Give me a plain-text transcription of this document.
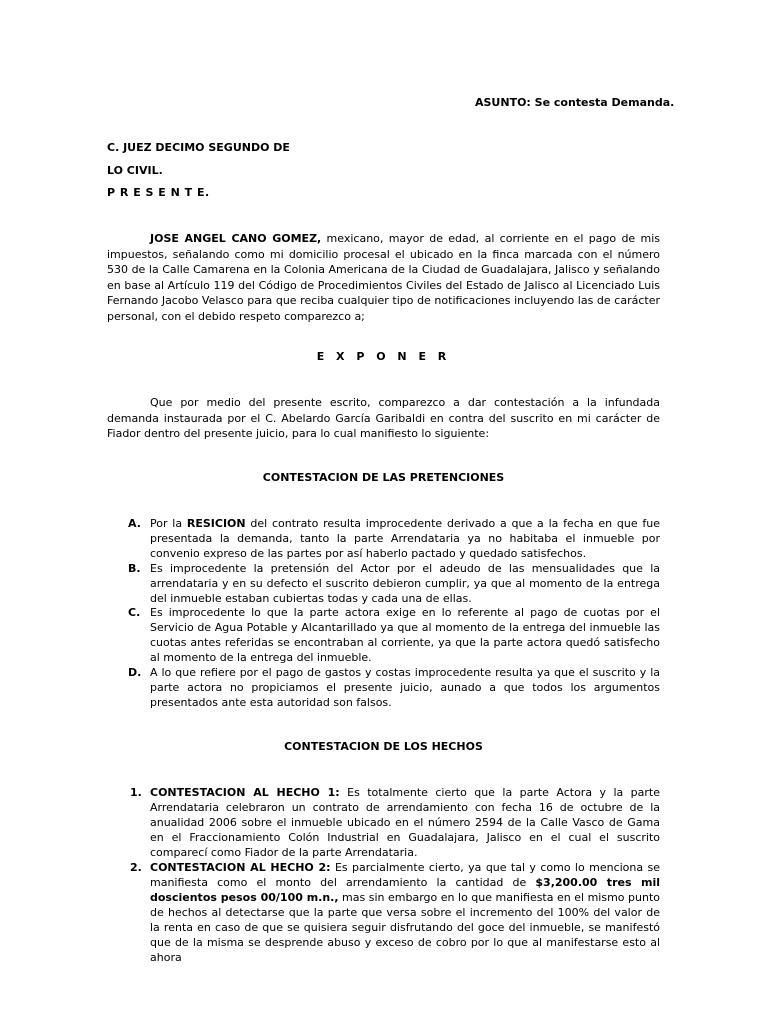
ASUNTO: Se contesta Demanda.
C. JUEZ DECIMO SEGUNDO DE
LO CIVIL.
P R E S E N T E.

JOSE ANGEL CANO GOMEZ, mexicano, mayor de edad, al corriente en el pago de mis impuestos, señalando como mi domicilio procesal el ubicado en la finca marcada con el número 530 de la Calle Camarena en la Colonia Americana de la Ciudad de Guadalajara, Jalisco y señalando en base al Artículo 119 del Código de Procedimientos Civiles del Estado de Jalisco al Licenciado Luis Fernando Jacobo Velasco para que reciba cualquier tipo de notificaciones incluyendo las de carácter personal, con el debido respeto comparezco a;

E X P O N E R

Que por medio del presente escrito, comparezco a dar contestación a la infundada demanda instaurada por el C. Abelardo García Garibaldi en contra del suscrito en mi carácter de Fiador dentro del presente juicio, para lo cual manifiesto lo siguiente:

CONTESTACION DE LAS PRETENCIONES
A. Por la RESICION del contrato resulta improcedente derivado a que a la fecha en que fue presentada la demanda, tanto la parte Arrendataria ya no habitaba el inmueble por convenio expreso de las partes por así haberlo pactado y quedado satisfechos.
B. Es improcedente la pretensión del Actor por el adeudo de las mensualidades que la arrendataria y en su defecto el suscrito debieron cumplir, ya que al momento de la entrega del inmueble estaban cubiertas todas y cada una de ellas.
C. Es improcedente lo que la parte actora exige en lo referente al pago de cuotas por el Servicio de Agua Potable y Alcantarillado ya que al momento de la entrega del inmueble las cuotas antes referidas se encontraban al corriente, ya que la parte actora quedó satisfecho al momento de la entrega del inmueble.
D. A lo que refiere por el pago de gastos y costas improcedente resulta ya que el suscrito y la parte actora no propiciamos el presente juicio, aunado a que todos los argumentos presentados ante esta autoridad son falsos.
CONTESTACION DE LOS HECHOS
1. CONTESTACION AL HECHO 1: Es totalmente cierto que la parte Actora y la parte Arrendataria celebraron un contrato de arrendamiento con fecha 16 de octubre de la anualidad 2006 sobre el inmueble ubicado en el número 2594 de la Calle Vasco de Gama en el Fraccionamiento Colón Industrial en Guadalajara, Jalisco en el cual el suscrito comparecí como Fiador de la parte Arrendataria.
2. CONTESTACION AL HECHO 2: Es parcialmente cierto, ya que tal y como lo menciona se manifiesta como el monto del arrendamiento la cantidad de $3,200.00 tres mil doscientos pesos 00/100 m.n., mas sin embargo en lo que manifiesta en el mismo punto de hechos al detectarse que la parte que versa sobre el incremento del 100% del valor de la renta en caso de que se quisiera seguir disfrutando del goce del inmueble, se manifestó que de la misma se desprende abuso y exceso de cobro por lo que al manifestarse esto al ahora
